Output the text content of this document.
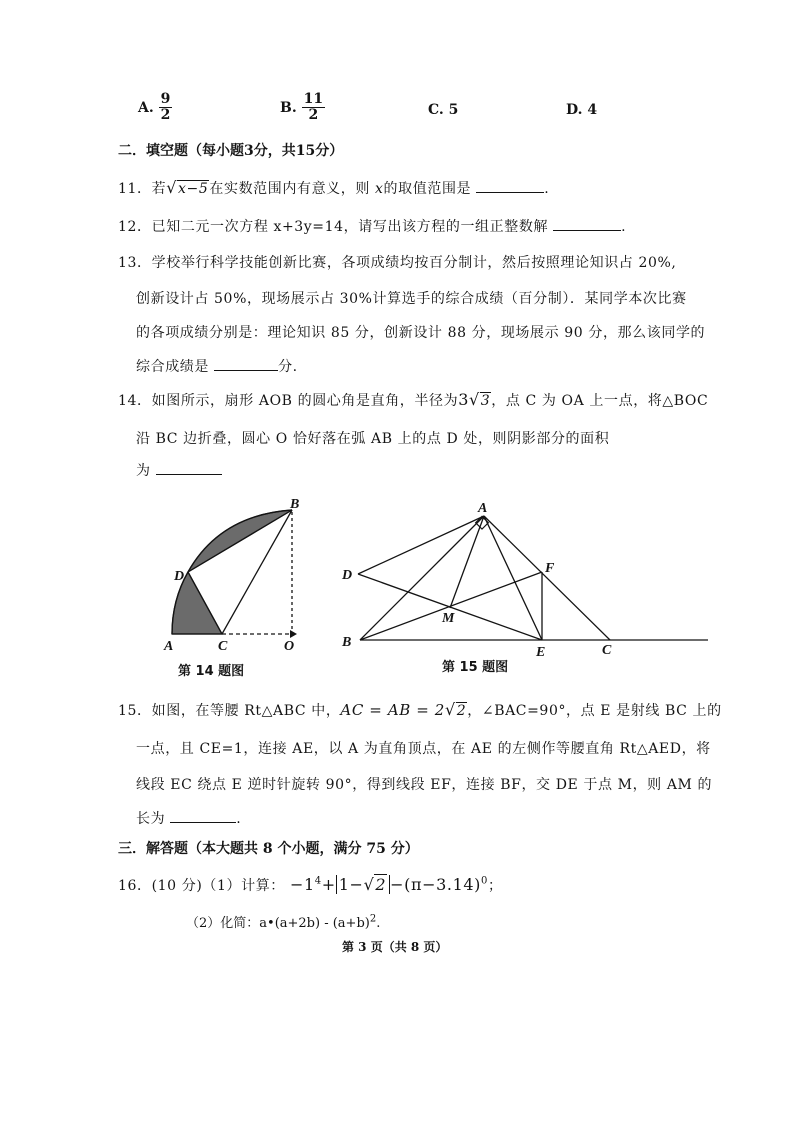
A. $\frac{9}{2}$	B. $\frac{11}{2}$	C. 5	D. 4
二．填空题（每小题3分，共15分）
11．若√x−5在实数范围内有意义，则 x的取值范围是	.
12．已知二元一次方程 x+3y=14，请写出该方程的一组正整数解	.
13．学校举行科学技能创新比赛，各项成绩均按百分制计，然后按照理论知识占 20%,
创新设计占 50%，现场展示占 30%计算选手的综合成绩（百分制）．某同学本次比赛
的各项成绩分别是：理论知识 85 分，创新设计 88 分，现场展示 90 分，那么该同学的
综合成绩是	分.
14．如图所示，扇形 AOB 的圆心角是直角，半径为3√3，点 C 为 OA 上一点，将△BOC
沿 BC 边折叠，圆心 O 恰好落在弧 AB 上的点 D 处，则阴影部分的面积
为
B
D
A	C	O
第 14 题图
A
D	F
M
B
E	C
第 15 题图
15．如图，在等腰 Rt△ABC 中，AC = AB = 2√2，∠BAC=90°，点 E 是射线 BC 上的
一点，且 CE=1，连接 AE，以 A 为直角顶点，在 AE 的左侧作等腰直角 Rt△AED，将
线段 EC 绕点 E 逆时针旋转 90°，得到线段 EF，连接 BF，交 DE 于点 M，则 AM 的
长为	.
三．解答题（本大题共 8 个小题，满分 75 分）
16．(10 分)（1）计算： $-1^4+ 1-√2 -(\pi-3.14)^0$；
（2）化简：a•(a+2b) - $(a+b)^2$.
第 3 页（共 8 页）
